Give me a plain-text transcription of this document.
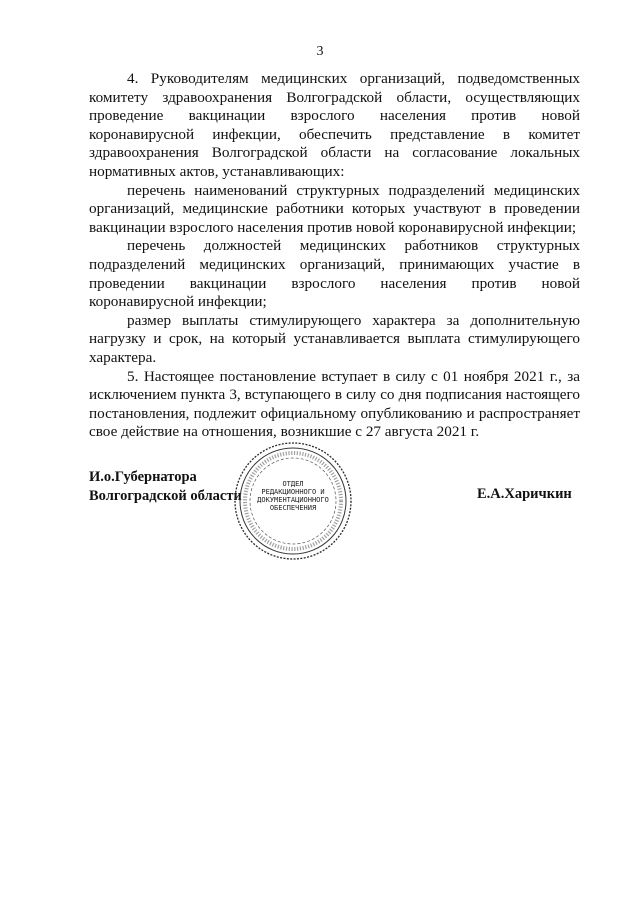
3

4. Руководителям медицинских организаций, подведомственных комитету здравоохранения Волгоградской области, осуществляющих проведение вакцинации взрослого населения против новой коронавирусной инфекции, обеспечить представление в комитет здравоохранения Волгоградской области на согласование локальных нормативных актов, устанавливающих:

перечень наименований структурных подразделений медицинских организаций, медицинские работники которых участвуют в проведении вакцинации взрослого населения против новой коронавирусной инфекции;

перечень должностей медицинских работников структурных подразделений медицинских организаций, принимающих участие в проведении вакцинации взрослого населения против новой коронавирусной инфекции;

размер выплаты стимулирующего характера за дополнительную нагрузку и срок, на который устанавливается выплата стимулирующего характера.

5. Настоящее постановление вступает в силу с 01 ноября 2021 г., за исключением пункта 3, вступающего в силу со дня подписания настоящего постановления, подлежит официальному опубликованию и распространяет свое действие на отношения, возникшие с 27 августа 2021 г.

И.о.Губернатора
Волгоградской области
ОТДЕЛ
РЕДАКЦИОННОГО И
ДОКУМЕНТАЦИОННОГО
ОБЕСПЕЧЕНИЯ
Е.А.Харичкин
